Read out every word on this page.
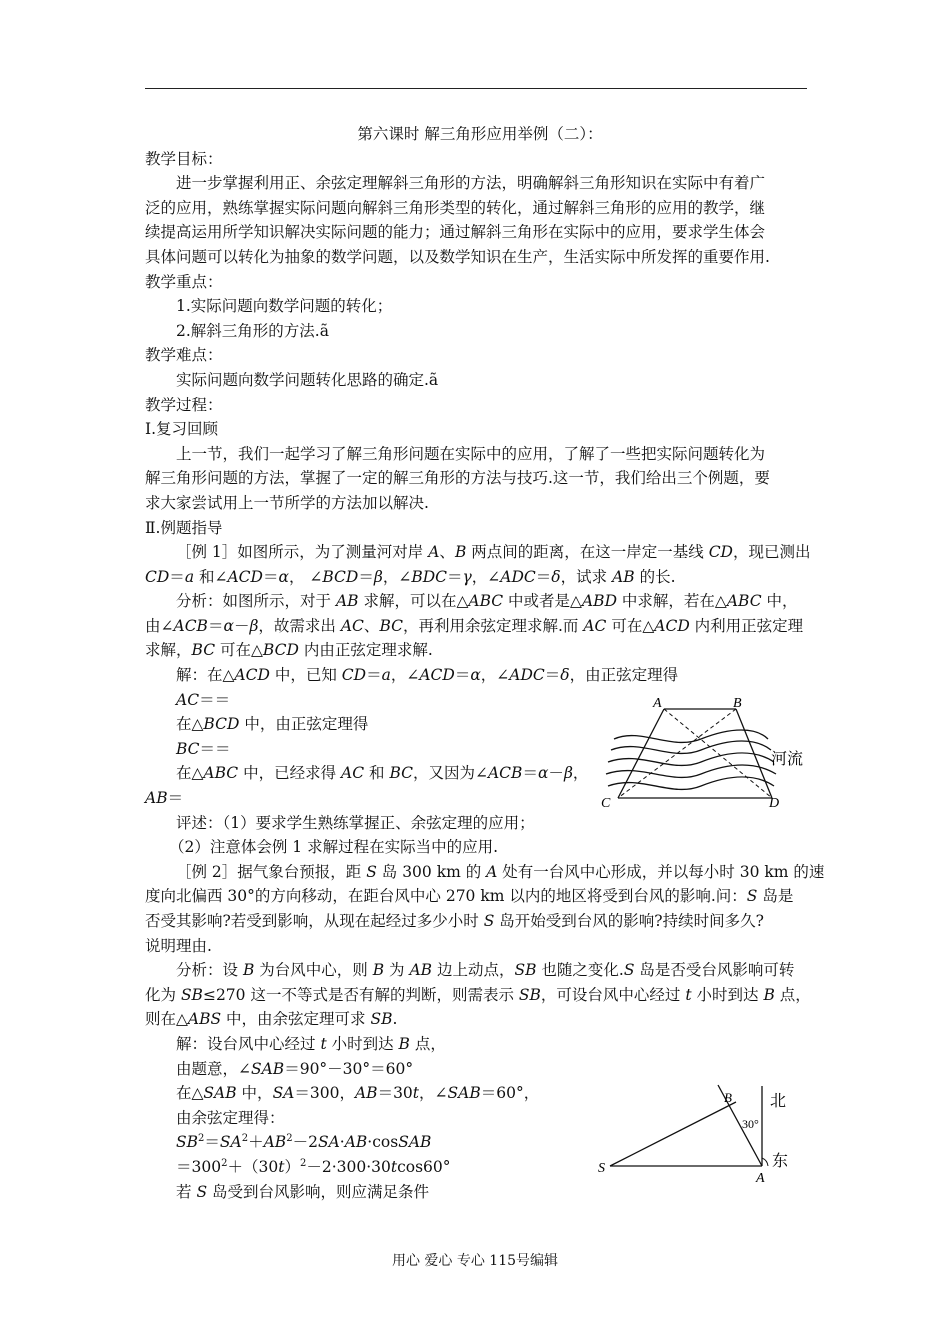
第六课时 解三角形应用举例（二）：
教学目标：
进一步掌握利用正、余弦定理解斜三角形的方法，明确解斜三角形知识在实际中有着广
泛的应用，熟练掌握实际问题向解斜三角形类型的转化，通过解斜三角形的应用的教学，继
续提高运用所学知识解决实际问题的能力；通过解斜三角形在实际中的应用，要求学生体会
具体问题可以转化为抽象的数学问题，以及数学知识在生产，生活实际中所发挥的重要作用.
教学重点：
1.实际问题向数学问题的转化；
2.解斜三角形的方法.ã
教学难点：
实际问题向数学问题转化思路的确定.ã
教学过程：
Ⅰ.复习回顾
上一节，我们一起学习了解三角形问题在实际中的应用，了解了一些把实际问题转化为
解三角形问题的方法，掌握了一定的解三角形的方法与技巧.这一节，我们给出三个例题，要
求大家尝试用上一节所学的方法加以解决.
Ⅱ.例题指导
［例 1］如图所示，为了测量河对岸 A、B 两点间的距离，在这一岸定一基线 CD，现已测出
CD＝a 和∠ACD＝α， ∠BCD＝β，∠BDC＝γ，∠ADC＝δ，试求 AB 的长.
分析：如图所示，对于 AB 求解，可以在△ABC 中或者是△ABD 中求解，若在△ABC 中，
由∠ACB＝α－β，故需求出 AC、BC，再利用余弦定理求解.而 AC 可在△ACD 内利用正弦定理
求解，BC 可在△BCD 内由正弦定理求解.
解：在△ACD 中，已知 CD＝a，∠ACD＝α，∠ADC＝δ，由正弦定理得
AC＝＝
在△BCD 中，由正弦定理得
BC＝＝
在△ABC 中，已经求得 AC 和 BC，又因为∠ACB＝α－β，
AB＝
评述：（1）要求学生熟练掌握正、余弦定理的应用；
（2）注意体会例 1 求解过程在实际当中的应用.
［例 2］据气象台预报，距 S 岛 300 km 的 A 处有一台风中心形成，并以每小时 30 km 的速
度向北偏西 30°的方向移动，在距台风中心 270 km 以内的地区将受到台风的影响.问：S 岛是
否受其影响?若受到影响，从现在起经过多少小时 S 岛开始受到台风的影响?持续时间多久?
说明理由.
分析：设 B 为台风中心，则 B 为 AB 边上动点，SB 也随之变化.S 岛是否受台风影响可转
化为 SB≤270 这一不等式是否有解的判断，则需表示 SB，可设台风中心经过 t 小时到达 B 点，
则在△ABS 中，由余弦定理可求 SB.
解：设台风中心经过 t 小时到达 B 点，
由题意，∠SAB＝90°－30°＝60°
在△SAB 中，SA＝300，AB＝30t，∠SAB＝60°，
由余弦定理得：
$SB^2=SA^2+AB^2-2SA\cdot AB\cdot cosSAB$
$=300^2+(30t)^2-2\cdot 300\cdot 30tcos60^\circ$
若 S 岛受到台风影响，则应满足条件
A	B
C	D
河流
B
S
A
30°
北
东
用心 爱心 专心 115号编辑
